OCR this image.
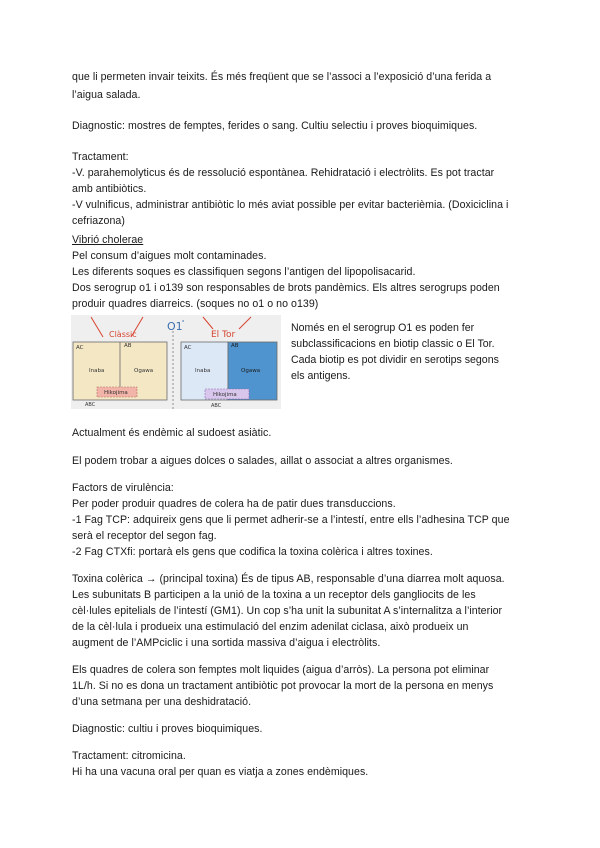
que li permeten invair teixits. És més freqüent que se l’associ a l’exposició d’una ferida a
l’aigua salada.
Diagnostic: mostres de femptes, ferides o sang. Cultiu selectiu i proves bioquimiques.
Tractament:
-V. parahemolyticus és de ressolució espontànea. Rehidratació i electròlits. Es pot tractar
amb antibiòtics.
-V vulnificus, administrar antibiòtic lo més aviat possible per evitar bacterièmia. (Doxiciclina i
cefriazona)
Vibrió cholerae
Pel consum d’aigues molt contaminades.
Les diferents soques es classifiquen segons l’antigen del lipopolisacarid.
Dos serogrup o1 i o139 son responsables de brots pandèmics. Els altres serogrups poden
produir quadres diarreics. (soques no o1 o no o139)
O1 ᵃ
Clàssic	El Tor
AC	AB
Inaba	Ogawa
Hikojima
ABC
AC	AB
Inaba	Ogawa
Hikojima
ABC
Només en el serogrup O1 es poden fer
subclassificacions en biotip classic o El Tor.
Cada biotip es pot dividir en serotips segons
els antigens.
Actualment és endèmic al sudoest asiàtic.
El podem trobar a aigues dolces o salades, aillat o associat a altres organismes.
Factors de virulència:
Per poder produir quadres de colera ha de patir dues transduccions.
-1 Fag TCP: adquireix gens que li permet adherir-se a l’intestí, entre ells l’adhesina TCP que
serà el receptor del segon fag.
-2 Fag CTXfi: portarà els gens que codifica la toxina colèrica i altres toxines.
Toxina colèrica → (principal toxina) És de tipus AB, responsable d’una diarrea molt aquosa.
Les subunitats B participen a la unió de la toxina a un receptor dels gangliocits de les
cèl·lules epitelials de l’intestí (GM1). Un cop s’ha unit la subunitat A s’internalitza a l’interior
de la cèl·lula i produeix una estimulació del enzim adenilat ciclasa, això produeix un
augment de l’AMPciclic i una sortida massiva d’aigua i electròlits.
Els quadres de colera son femptes molt liquides (aigua d’arròs). La persona pot eliminar
1L/h. Si no es dona un tractament antibiòtic pot provocar la mort de la persona en menys
d’una setmana per una deshidratació.
Diagnostic: cultiu i proves bioquimiques.
Tractament: citromicina.
Hi ha una vacuna oral per quan es viatja a zones endèmiques.
